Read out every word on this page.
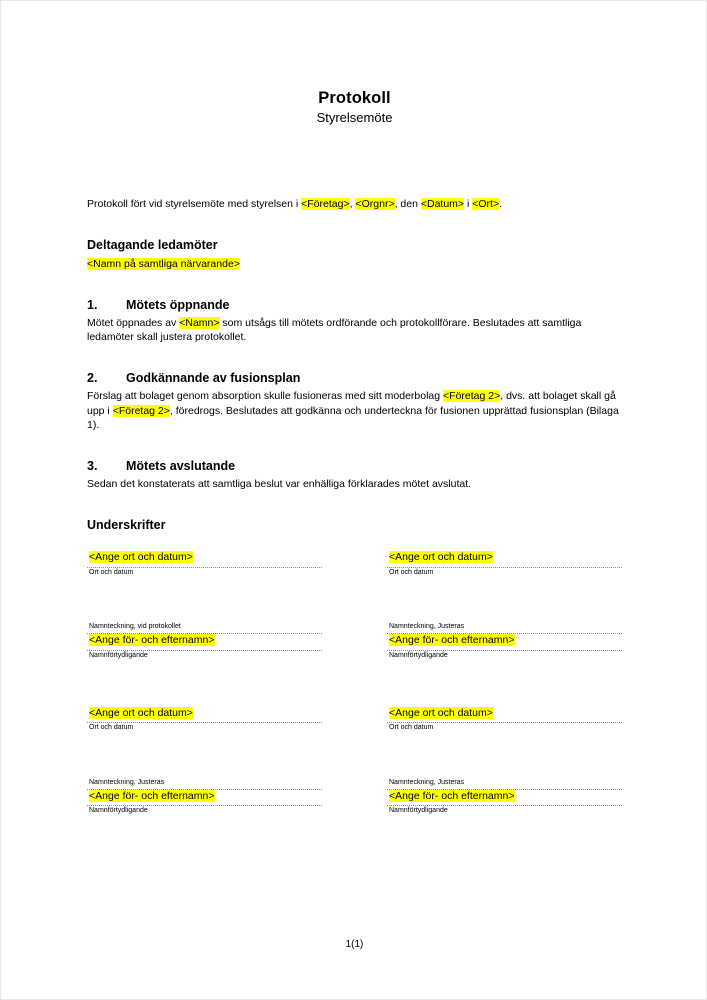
Protokoll
Styrelsemöte

Protokoll fört vid styrelsemöte med styrelsen i <Företag>, <Orgnr>, den <Datum> i <Ort>.

Deltagande ledamöter

<Namn på samtliga närvarande>

1.	Mötets öppnande

Mötet öppnades av <Namn> som utsågs till mötets ordförande och protokollförare. Beslutades att samtliga ledamöter skall justera protokollet.

2.	Godkännande av fusionsplan

Förslag att bolaget genom absorption skulle fusioneras med sitt moderbolag <Företag 2>, dvs. att bolaget skall gå upp i <Företag 2>, föredrogs. Beslutades att godkänna och underteckna för fusionen upprättad fusionsplan (Bilaga 1).

3.	Mötets avslutande

Sedan det konstaterats att samtliga beslut var enhälliga förklarades mötet avslutat.

Underskrifter
<Ange ort och datum>
Ort och datum
<Ange ort och datum>
Ort och datum
Namnteckning, vid protokollet
<Ange för- och efternamn>
Namnförtydligande
Namnteckning, Justeras
<Ange för- och efternamn>
Namnförtydligande
<Ange ort och datum>
Ort och datum
<Ange ort och datum>
Ort och datum
Namnteckning, Justeras
<Ange för- och efternamn>
Namnförtydligande
Namnteckning, Justeras
<Ange för- och efternamn>
Namnförtydligande
1(1)
